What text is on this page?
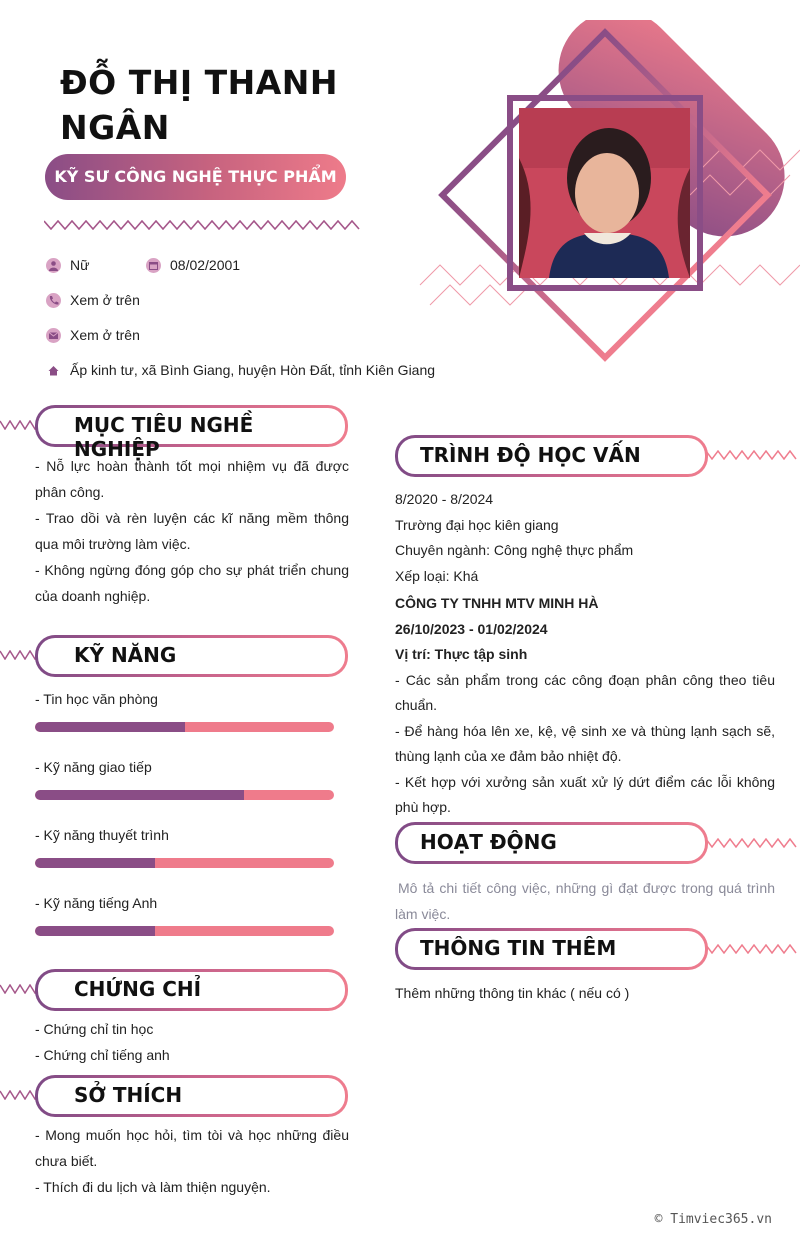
ĐỖ THỊ THANH
NGÂN
KỸ SƯ CÔNG NGHỆ THỰC PHẨM
Nữ	08/02/2001
Xem ở trên
Xem ở trên
Ấp kinh tư, xã Bình Giang, huyện Hòn Đất, tỉnh Kiên Giang
MỤC TIÊU NGHỀ NGHIỆP
- Nỗ lực hoàn thành tốt mọi nhiệm vụ đã được phân công.
- Trao dồi và rèn luyện các kĩ năng mềm thông qua môi trường làm việc.
- Không ngừng đóng góp cho sự phát triển chung của doanh nghiệp.
KỸ NĂNG
- Tin học văn phòng
- Kỹ năng giao tiếp
- Kỹ năng thuyết trình
- Kỹ năng tiếng Anh
CHỨNG CHỈ
- Chứng chỉ tin học
- Chứng chỉ tiếng anh
SỞ THÍCH
- Mong muốn học hỏi, tìm tòi và học những điều chưa biết.
- Thích đi du lịch và làm thiện nguyện.
TRÌNH ĐỘ HỌC VẤN
8/2020 - 8/2024
Trường đại học kiên giang
Chuyên ngành: Công nghệ thực phẩm
Xếp loại: Khá
CÔNG TY TNHH MTV MINH HÀ
26/10/2023 - 01/02/2024
Vị trí: Thực tập sinh
- Các sản phẩm trong các công đoạn phân công theo tiêu chuẩn.
- Để hàng hóa lên xe, kệ, vệ sinh xe và thùng lạnh sạch sẽ, thùng lạnh của xe đảm bảo nhiệt độ.
- Kết hợp với xưởng sản xuất xử lý dứt điểm các lỗi không phù hợp.
HOẠT ĐỘNG
Mô tả chi tiết công việc, những gì đạt được trong quá trình làm việc.
THÔNG TIN THÊM
Thêm những thông tin khác ( nếu có )
© Timviec365.vn
